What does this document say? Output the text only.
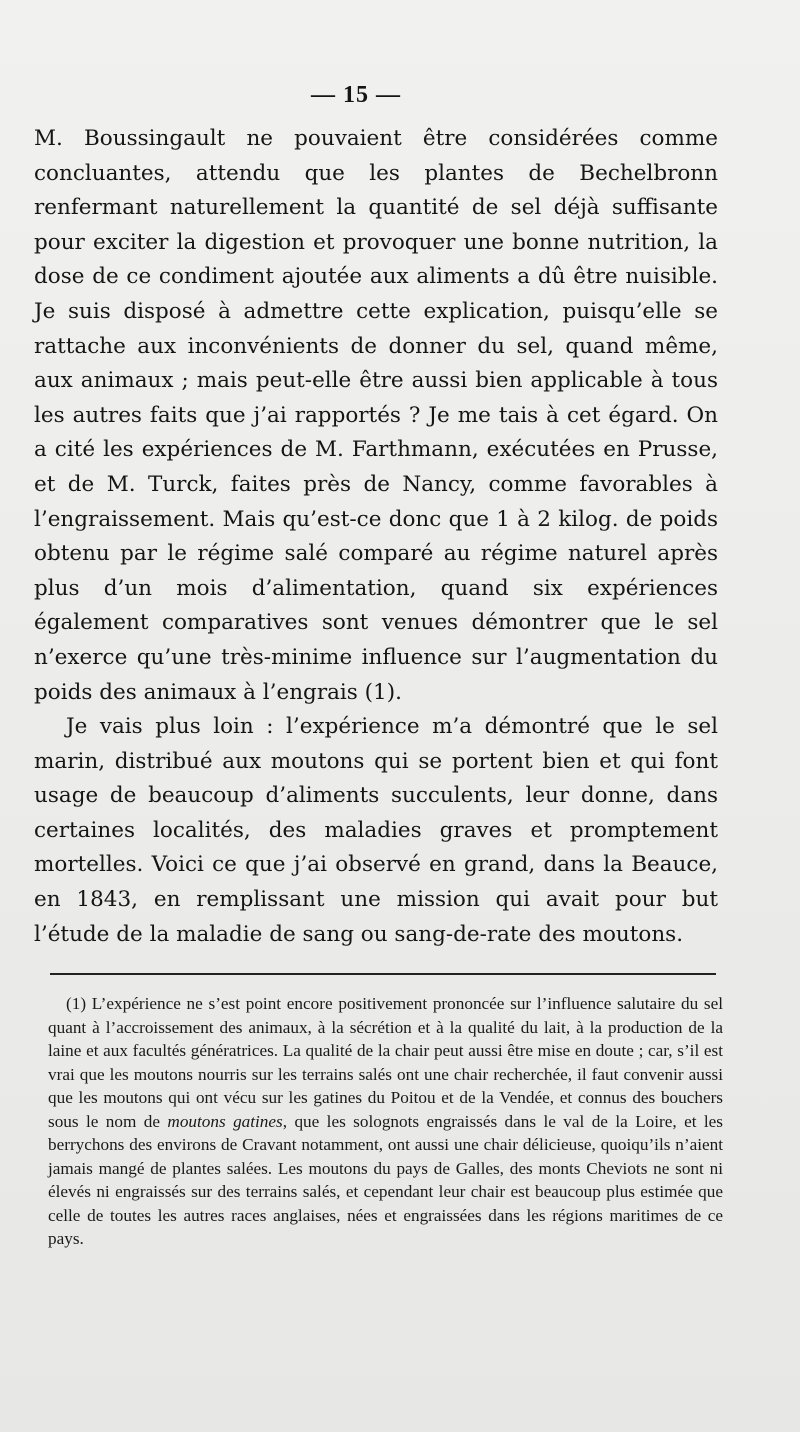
— 15 —

M. Boussingault ne pouvaient être considérées comme concluantes, attendu que les plantes de Bechelbronn renfermant naturellement la quantité de sel déjà suffisante pour exciter la digestion et provoquer une bonne nutrition, la dose de ce condiment ajoutée aux aliments a dû être nuisible. Je suis disposé à admettre cette explication, puisqu’elle se rattache aux inconvénients de donner du sel, quand même, aux animaux ; mais peut-elle être aussi bien applicable à tous les autres faits que j’ai rapportés ? Je me tais à cet égard. On a cité les expériences de M. Farthmann, exécutées en Prusse, et de M. Turck, faites près de Nancy, comme favorables à l’engraissement. Mais qu’est-ce donc que 1 à 2 kilog. de poids obtenu par le régime salé comparé au régime naturel après plus d’un mois d’alimentation, quand six expériences également comparatives sont venues démontrer que le sel n’exerce qu’une très-minime influence sur l’augmentation du poids des animaux à l’engrais (1).

Je vais plus loin : l’expérience m’a démontré que le sel marin, distribué aux moutons qui se portent bien et qui font usage de beaucoup d’aliments succulents, leur donne, dans certaines localités, des maladies graves et promptement mortelles. Voici ce que j’ai observé en grand, dans la Beauce, en 1843, en remplissant une mission qui avait pour but l’étude de la maladie de sang ou sang-de-rate des moutons.

(1) L’expérience ne s’est point encore positivement prononcée sur l’influence salutaire du sel quant à l’accroissement des animaux, à la sécrétion et à la qualité du lait, à la production de la laine et aux facultés génératrices. La qualité de la chair peut aussi être mise en doute ; car, s’il est vrai que les moutons nourris sur les terrains salés ont une chair recherchée, il faut convenir aussi que les moutons qui ont vécu sur les gatines du Poitou et de la Vendée, et connus des bouchers sous le nom de moutons gatines, que les solognots engraissés dans le val de la Loire, et les berrychons des environs de Cravant notamment, ont aussi une chair délicieuse, quoiqu’ils n’aient jamais mangé de plantes salées. Les moutons du pays de Galles, des monts Cheviots ne sont ni élevés ni engraissés sur des terrains salés, et cependant leur chair est beaucoup plus estimée que celle de toutes les autres races anglaises, nées et engraissées dans les régions maritimes de ce pays.
